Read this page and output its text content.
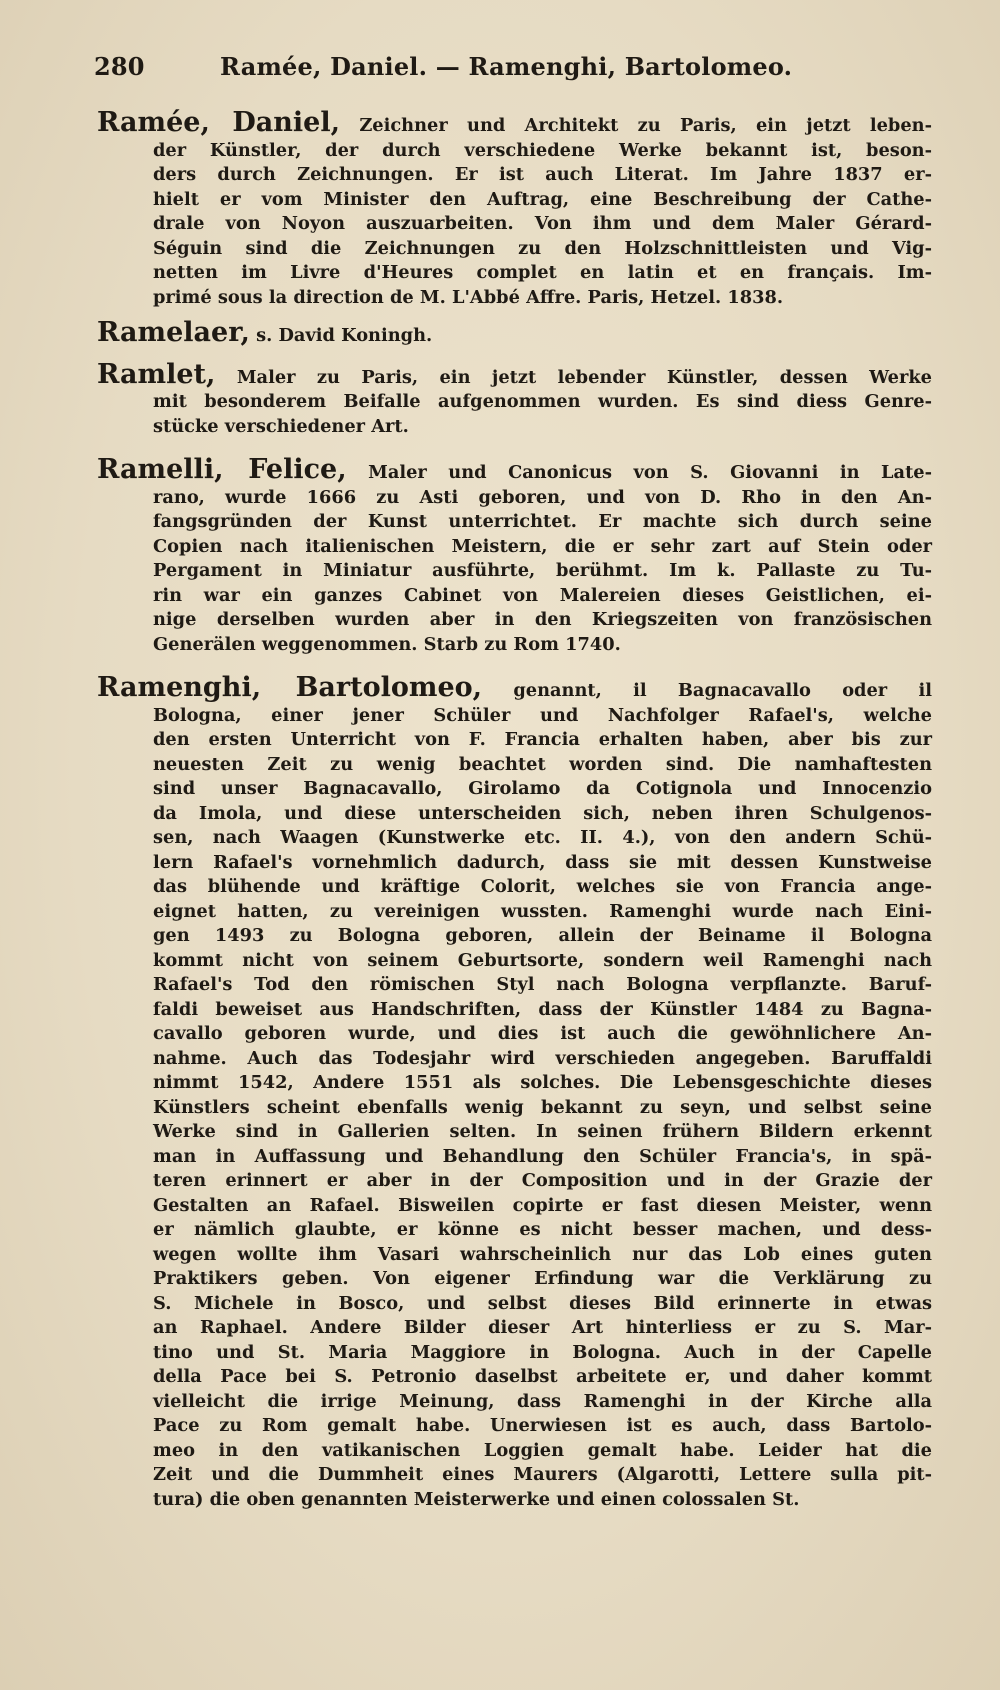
280	Ramée, Daniel. — Ramenghi, Bartolomeo.
Ramée, Daniel, Zeichner und Architekt zu Paris, ein jetzt leben-
der Künstler, der durch verschiedene Werke bekannt ist, beson-
ders durch Zeichnungen. Er ist auch Literat. Im Jahre 1837 er-
hielt er vom Minister den Auftrag, eine Beschreibung der Cathe-
drale von Noyon auszuarbeiten. Von ihm und dem Maler Gérard-
Séguin sind die Zeichnungen zu den Holzschnittleisten und Vig-
netten im Livre d'Heures complet en latin et en français. Im-
primé sous la direction de M. L'Abbé Affre. Paris, Hetzel. 1838.
Ramelaer, s. David Koningh.
Ramlet, Maler zu Paris, ein jetzt lebender Künstler, dessen Werke
mit besonderem Beifalle aufgenommen wurden. Es sind diess Genre-
stücke verschiedener Art.
Ramelli, Felice, Maler und Canonicus von S. Giovanni in Late-
rano, wurde 1666 zu Asti geboren, und von D. Rho in den An-
fangsgründen der Kunst unterrichtet. Er machte sich durch seine
Copien nach italienischen Meistern, die er sehr zart auf Stein oder
Pergament in Miniatur ausführte, berühmt. Im k. Pallaste zu Tu-
rin war ein ganzes Cabinet von Malereien dieses Geistlichen, ei-
nige derselben wurden aber in den Kriegszeiten von französischen
Generälen weggenommen. Starb zu Rom 1740.
Ramenghi, Bartolomeo, genannt, il Bagnacavallo oder il
Bologna, einer jener Schüler und Nachfolger Rafael's, welche
den ersten Unterricht von F. Francia erhalten haben, aber bis zur
neuesten Zeit zu wenig beachtet worden sind. Die namhaftesten
sind unser Bagnacavallo, Girolamo da Cotignola und Innocenzio
da Imola, und diese unterscheiden sich, neben ihren Schulgenos-
sen, nach Waagen (Kunstwerke etc. II. 4.), von den andern Schü-
lern Rafael's vornehmlich dadurch, dass sie mit dessen Kunstweise
das blühende und kräftige Colorit, welches sie von Francia ange-
eignet hatten, zu vereinigen wussten. Ramenghi wurde nach Eini-
gen 1493 zu Bologna geboren, allein der Beiname il Bologna
kommt nicht von seinem Geburtsorte, sondern weil Ramenghi nach
Rafael's Tod den römischen Styl nach Bologna verpflanzte. Baruf-
faldi beweiset aus Handschriften, dass der Künstler 1484 zu Bagna-
cavallo geboren wurde, und dies ist auch die gewöhnlichere An-
nahme. Auch das Todesjahr wird verschieden angegeben. Baruffaldi
nimmt 1542, Andere 1551 als solches. Die Lebensgeschichte dieses
Künstlers scheint ebenfalls wenig bekannt zu seyn, und selbst seine
Werke sind in Gallerien selten. In seinen frühern Bildern erkennt
man in Auffassung und Behandlung den Schüler Francia's, in spä-
teren erinnert er aber in der Composition und in der Grazie der
Gestalten an Rafael. Bisweilen copirte er fast diesen Meister, wenn
er nämlich glaubte, er könne es nicht besser machen, und dess-
wegen wollte ihm Vasari wahrscheinlich nur das Lob eines guten
Praktikers geben. Von eigener Erfindung war die Verklärung zu
S. Michele in Bosco, und selbst dieses Bild erinnerte in etwas
an Raphael. Andere Bilder dieser Art hinterliess er zu S. Mar-
tino und St. Maria Maggiore in Bologna. Auch in der Capelle
della Pace bei S. Petronio daselbst arbeitete er, und daher kommt
vielleicht die irrige Meinung, dass Ramenghi in der Kirche alla
Pace zu Rom gemalt habe. Unerwiesen ist es auch, dass Bartolo-
meo in den vatikanischen Loggien gemalt habe. Leider hat die
Zeit und die Dummheit eines Maurers (Algarotti, Lettere sulla pit-
tura) die oben genannten Meisterwerke und einen colossalen St.
